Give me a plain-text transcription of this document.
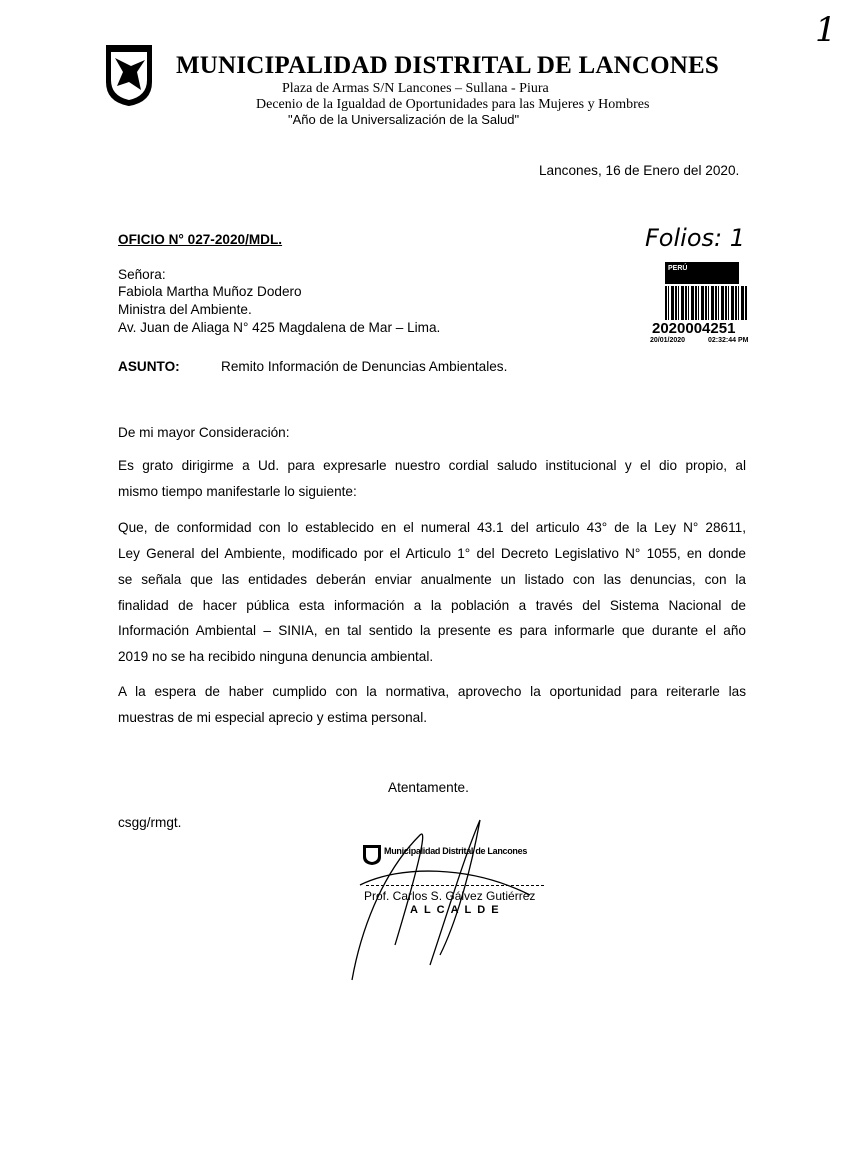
1
MUNICIPALIDAD DISTRITAL DE LANCONES
Plaza de Armas S/N Lancones – Sullana - Piura
Decenio de la Igualdad de Oportunidades para las Mujeres y Hombres
"Año de la Universalización de la Salud"
Lancones, 16 de Enero del 2020.
OFICIO N° 027-2020/MDL.	Folios: 1
PERÚ
2020004251
20/01/2020	02:32:44 PM
Señora:
Fabiola Martha Muñoz Dodero
Ministra del Ambiente.
Av. Juan de Aliaga N° 425 Magdalena de Mar – Lima.
ASUNTO:	Remito Información de Denuncias Ambientales.
De mi mayor Consideración:
Es grato dirigirme a Ud. para expresarle nuestro cordial saludo institucional y el dio propio, al
mismo tiempo manifestarle lo siguiente:
Que, de conformidad con lo establecido en el numeral 43.1 del articulo 43° de la Ley N° 28611,
Ley General del Ambiente, modificado por el Articulo 1° del Decreto Legislativo N° 1055, en donde
se señala que las entidades deberán enviar anualmente un listado con las denuncias, con la
finalidad de hacer pública esta información a la población a través del Sistema Nacional de
Información Ambiental – SINIA, en tal sentido la presente es para informarle que durante el año
2019 no se ha recibido ninguna denuncia ambiental.
A la espera de haber cumplido con la normativa, aprovecho la oportunidad para reiterarle las
muestras de mi especial aprecio y estima personal.
Atentamente.
csgg/rmgt.
Municipalidad Distrital de Lancones
Prof. Carlos S. Gálvez Gutiérrez
ALCALDE
